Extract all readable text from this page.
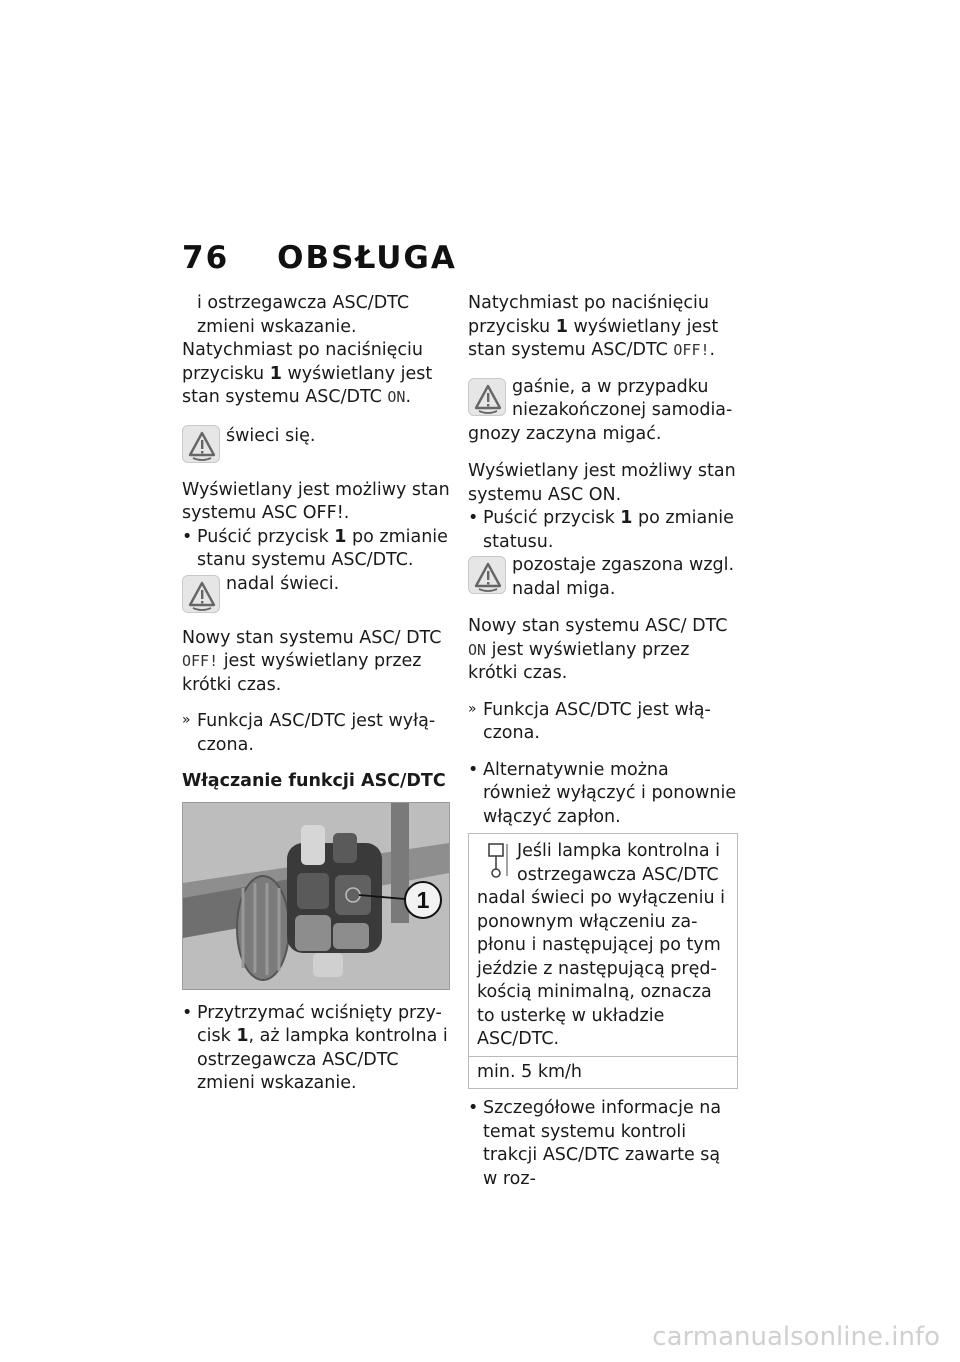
76 OBSŁUGA
i ostrzegawcza ASC/DTC zmieni wskazanie.
Natychmiast po naciśnięciu przycisku 1 wyświetlany jest stan systemu ASC/DTC ON.
świeci się.
Wyświetlany jest możliwy stan systemu ASC OFF!.
• Puścić przycisk 1 po zmianie stanu systemu ASC/DTC.
nadal świeci.
Nowy stan systemu ASC/ DTC OFF! jest wyświetlany przez krótki czas.
» Funkcja ASC/DTC jest wyłą- czona.
Włączanie funkcji ASC/DTC
1
• Przytrzymać wciśnięty przy- cisk 1, aż lampka kontrolna i ostrzegawcza ASC/DTC zmieni wskazanie.
Natychmiast po naciśnięciu przycisku 1 wyświetlany jest stan systemu ASC/DTC OFF!.
gaśnie, a w przypadku
niezakończonej samodia-
gnozy zaczyna migać.
Wyświetlany jest możliwy stan systemu ASC ON.
• Puścić przycisk 1 po zmianie statusu.
pozostaje zgaszona wzgl. nadal miga.
Nowy stan systemu ASC/ DTC ON jest wyświetlany przez krótki czas.
» Funkcja ASC/DTC jest włą- czona.
• Alternatywnie można również wyłączyć i ponownie włączyć zapłon.
Jeśli lampka kontrolna i ostrzegawcza ASC/DTC
nadal świeci po wyłączeniu i ponownym włączeniu za- płonu i następującej po tym jeździe z następującą pręd- kością minimalną, oznacza to usterkę w układzie ASC/DTC.
min. 5 km/h
• Szczegółowe informacje na temat systemu kontroli trakcji ASC/DTC zawarte są w roz-
carmanualsonline.info
